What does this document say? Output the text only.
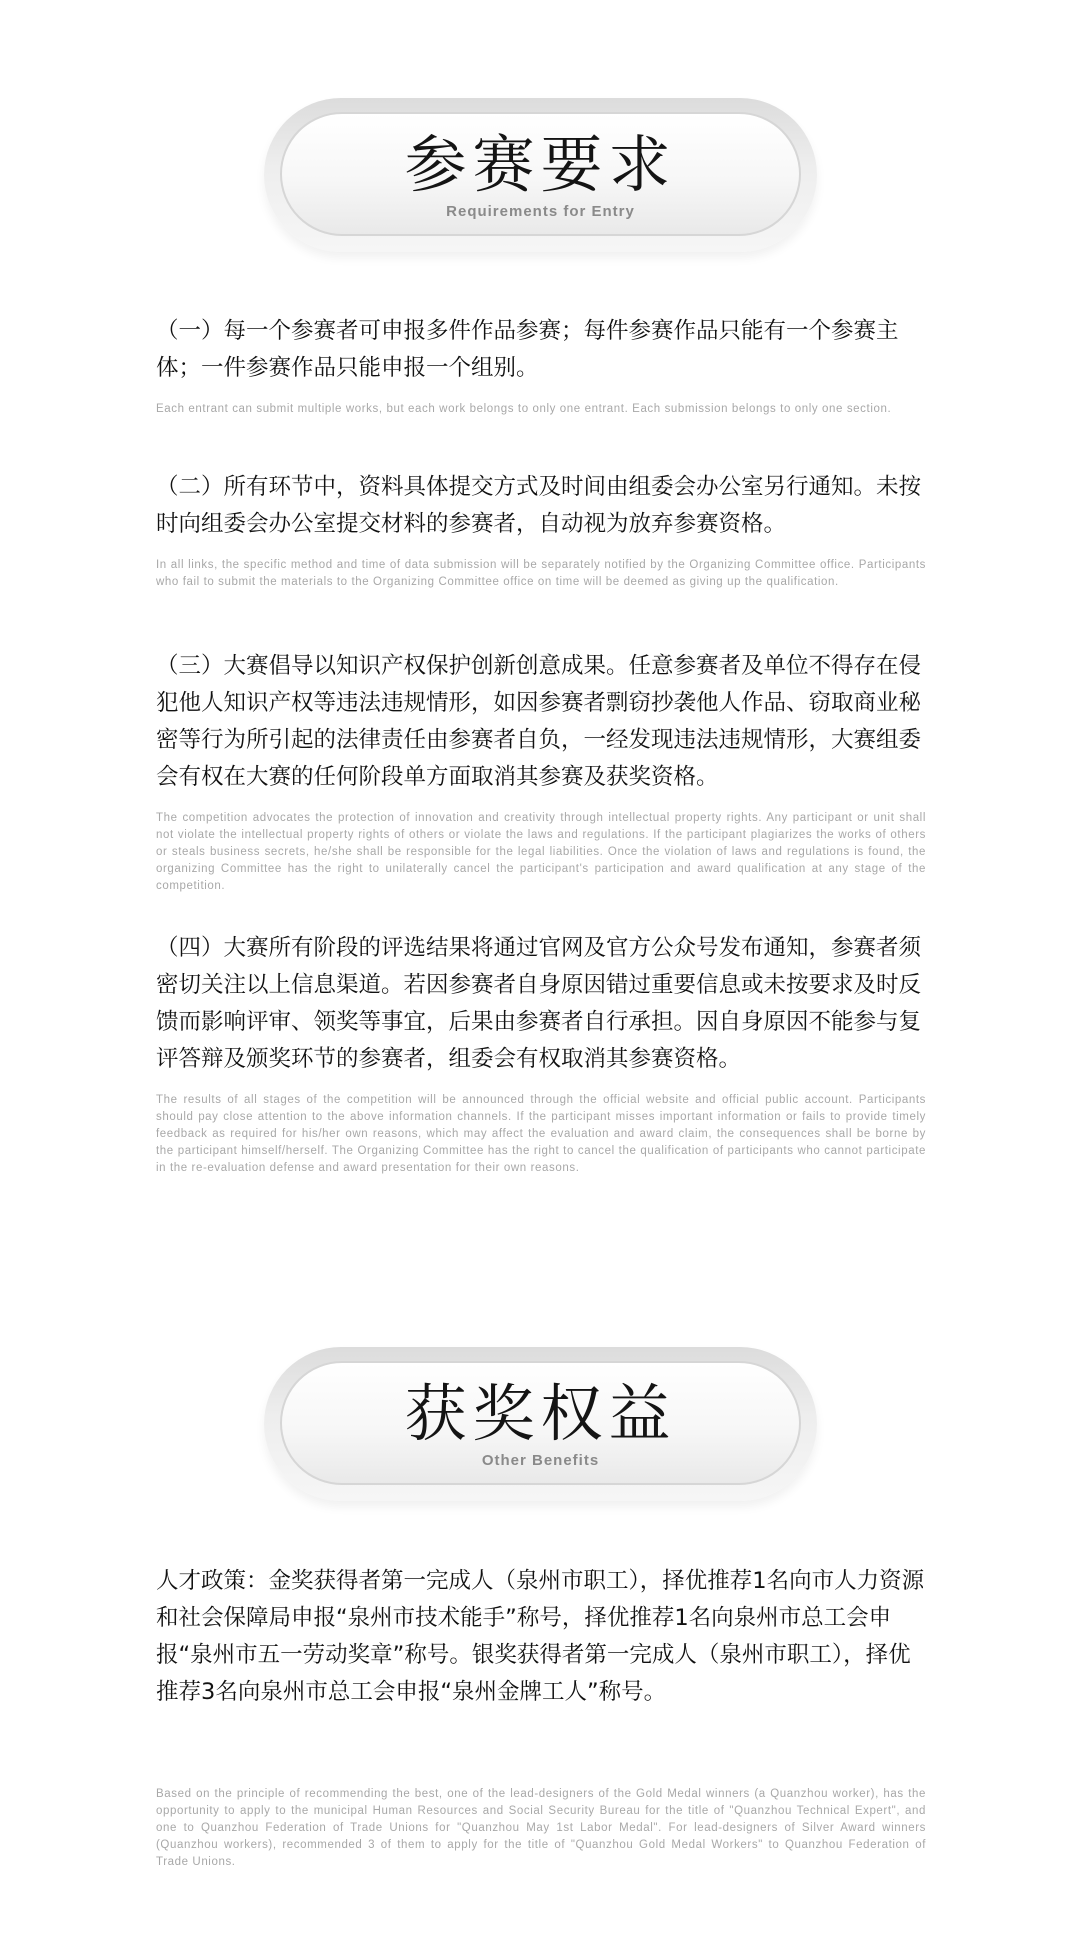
参赛要求
Requirements for Entry

（一）每一个参赛者可申报多件作品参赛；每件参赛作品只能有一个参赛主体；一件参赛作品只能申报一个组别。

Each entrant can submit multiple works, but each work belongs to only one entrant. Each submission belongs to only one section.

（二）所有环节中，资料具体提交方式及时间由组委会办公室另行通知。未按时向组委会办公室提交材料的参赛者，自动视为放弃参赛资格。

In all links, the specific method and time of data submission will be separately notified by the Organizing Committee office. Participants who fail to submit the materials to the Organizing Committee office on time will be deemed as giving up the qualification.

（三）大赛倡导以知识产权保护创新创意成果。任意参赛者及单位不得存在侵犯他人知识产权等违法违规情形，如因参赛者剽窃抄袭他人作品、窃取商业秘密等行为所引起的法律责任由参赛者自负，一经发现违法违规情形，大赛组委会有权在大赛的任何阶段单方面取消其参赛及获奖资格。

The competition advocates the protection of innovation and creativity through intellectual property rights. Any participant or unit shall not violate the intellectual property rights of others or violate the laws and regulations. If the participant plagiarizes the works of others or steals business secrets, he/she shall be responsible for the legal liabilities. Once the violation of laws and regulations is found, the organizing Committee has the right to unilaterally cancel the participant's participation and award qualification at any stage of the competition.

（四）大赛所有阶段的评选结果将通过官网及官方公众号发布通知，参赛者须密切关注以上信息渠道。若因参赛者自身原因错过重要信息或未按要求及时反馈而影响评审、领奖等事宜，后果由参赛者自行承担。因自身原因不能参与复评答辩及颁奖环节的参赛者，组委会有权取消其参赛资格。

The results of all stages of the competition will be announced through the official website and official public account. Participants should pay close attention to the above information channels. If the participant misses important information or fails to provide timely feedback as required for his/her own reasons, which may affect the evaluation and award claim, the consequences shall be borne by the participant himself/herself. The Organizing Committee has the right to cancel the qualification of participants who cannot participate in the re-evaluation defense and award presentation for their own reasons.

获奖权益
Other Benefits

人才政策：金奖获得者第一完成人（泉州市职工），择优推荐1名向市人力资源和社会保障局申报“泉州市技术能手”称号，择优推荐1名向泉州市总工会申报“泉州市五一劳动奖章”称号。银奖获得者第一完成人（泉州市职工），择优推荐3名向泉州市总工会申报“泉州金牌工人”称号。

Based on the principle of recommending the best, one of the lead-designers of the Gold Medal winners (a Quanzhou worker), has the opportunity to apply to the municipal Human Resources and Social Security Bureau for the title of "Quanzhou Technical Expert", and one to Quanzhou Federation of Trade Unions for "Quanzhou May 1st Labor Medal". For lead-designers of Silver Award winners (Quanzhou workers), recommended 3 of them to apply for the title of "Quanzhou Gold Medal Workers" to Quanzhou Federation of Trade Unions.
